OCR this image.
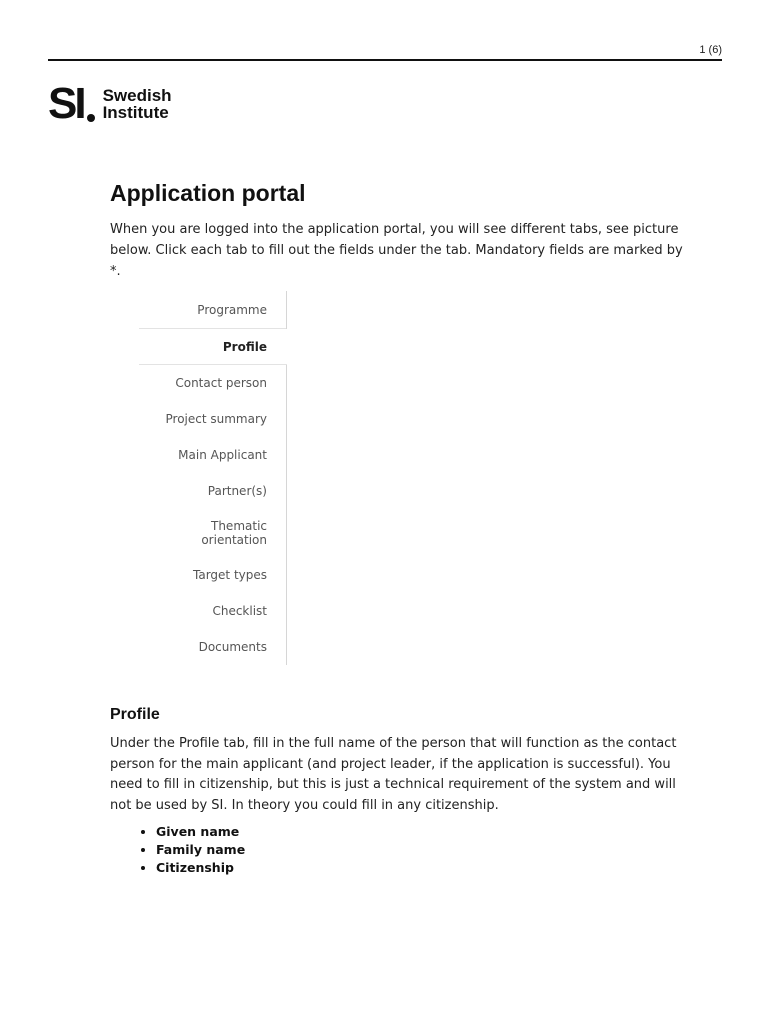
1 (6)
SI Swedish
Institute
Application portal

When you are logged into the application portal, you will see different tabs, see picture below. Click each tab to fill out the fields under the tab. Mandatory fields are marked by *.

Programme
Profile
Contact person
Project summary
Main Applicant
Partner(s)
Thematic
orientation
Target types
Checklist
Documents
Profile

Under the Profile tab, fill in the full name of the person that will function as the contact person for the main applicant (and project leader, if the application is successful). You need to fill in citizenship, but this is just a technical requirement of the system and will not be used by SI. In theory you could fill in any citizenship.

• Given name
• Family name
• Citizenship
